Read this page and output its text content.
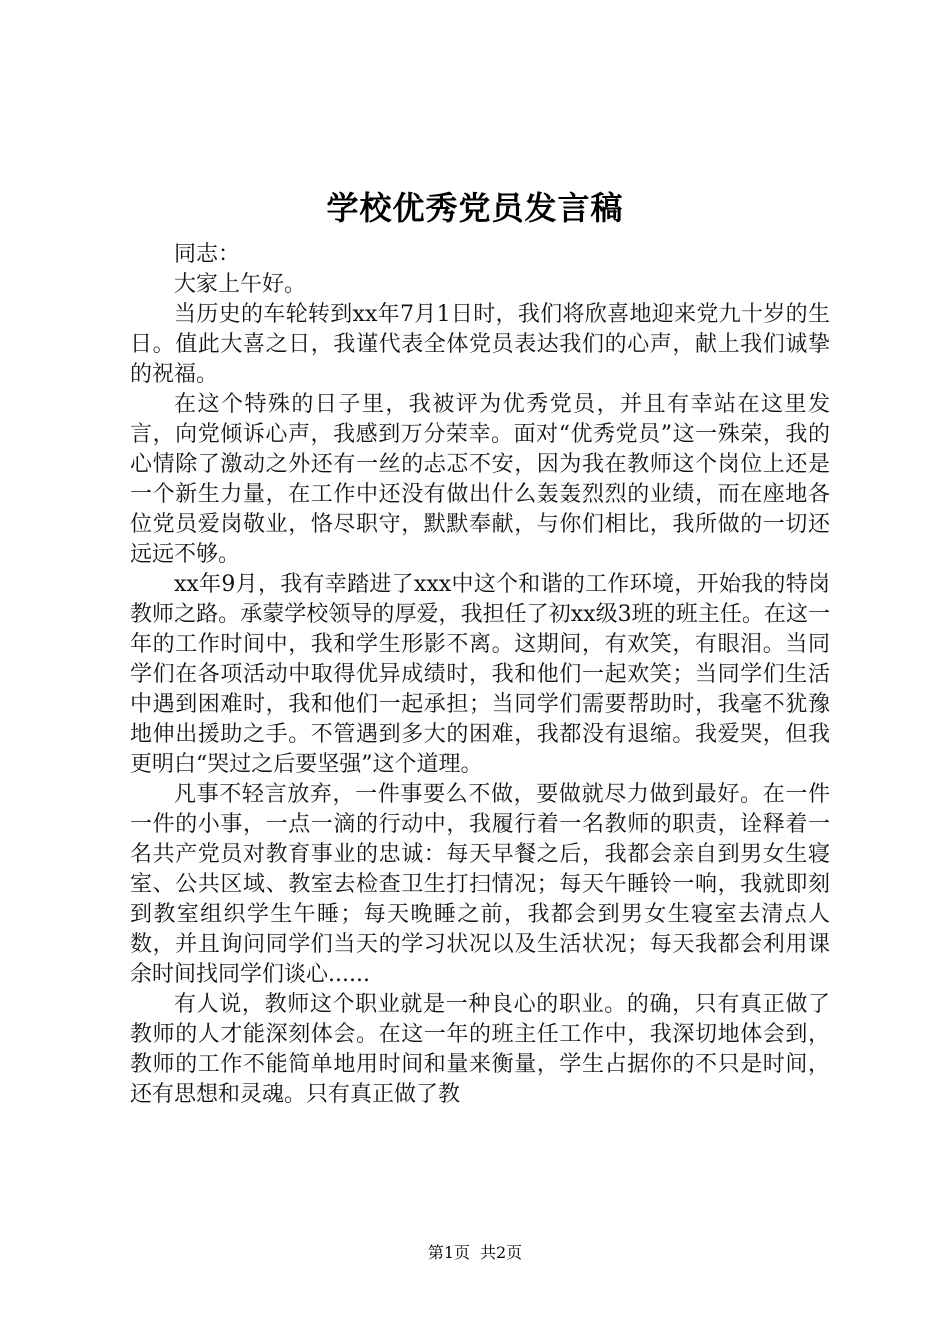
学校优秀党员发言稿

同志：

大家上午好。

当历史的车轮转到xx年7月1日时，我们将欣喜地迎来党九十岁的生日。值此大喜之日，我谨代表全体党员表达我们的心声，献上我们诚挚的祝福。

在这个特殊的日子里，我被评为优秀党员，并且有幸站在这里发言，向党倾诉心声，我感到万分荣幸。面对“优秀党员”这一殊荣，我的心情除了激动之外还有一丝的忐忑不安，因为我在教师这个岗位上还是一个新生力量，在工作中还没有做出什么轰轰烈烈的业绩，而在座地各位党员爱岗敬业，恪尽职守，默默奉献，与你们相比，我所做的一切还远远不够。

xx年9月，我有幸踏进了xxx中这个和谐的工作环境，开始我的特岗教师之路。承蒙学校领导的厚爱，我担任了初xx级3班的班主任。在这一年的工作时间中，我和学生形影不离。这期间，有欢笑，有眼泪。当同学们在各项活动中取得优异成绩时，我和他们一起欢笑；当同学们生活中遇到困难时，我和他们一起承担；当同学们需要帮助时，我毫不犹豫地伸出援助之手。不管遇到多大的困难，我都没有退缩。我爱哭，但我更明白“哭过之后要坚强”这个道理。

凡事不轻言放弃，一件事要么不做，要做就尽力做到最好。在一件一件的小事，一点一滴的行动中，我履行着一名教师的职责，诠释着一名共产党员对教育事业的忠诚：每天早餐之后，我都会亲自到男女生寝室、公共区域、教室去检查卫生打扫情况；每天午睡铃一响，我就即刻到教室组织学生午睡；每天晚睡之前，我都会到男女生寝室去清点人数，并且询问同学们当天的学习状况以及生活状况；每天我都会利用课余时间找同学们谈心......

有人说，教师这个职业就是一种良心的职业。的确，只有真正做了教师的人才能深刻体会。在这一年的班主任工作中，我深切地体会到，教师的工作不能简单地用时间和量来衡量，学生占据你的不只是时间，还有思想和灵魂。只有真正做了教

第1页 共2页
